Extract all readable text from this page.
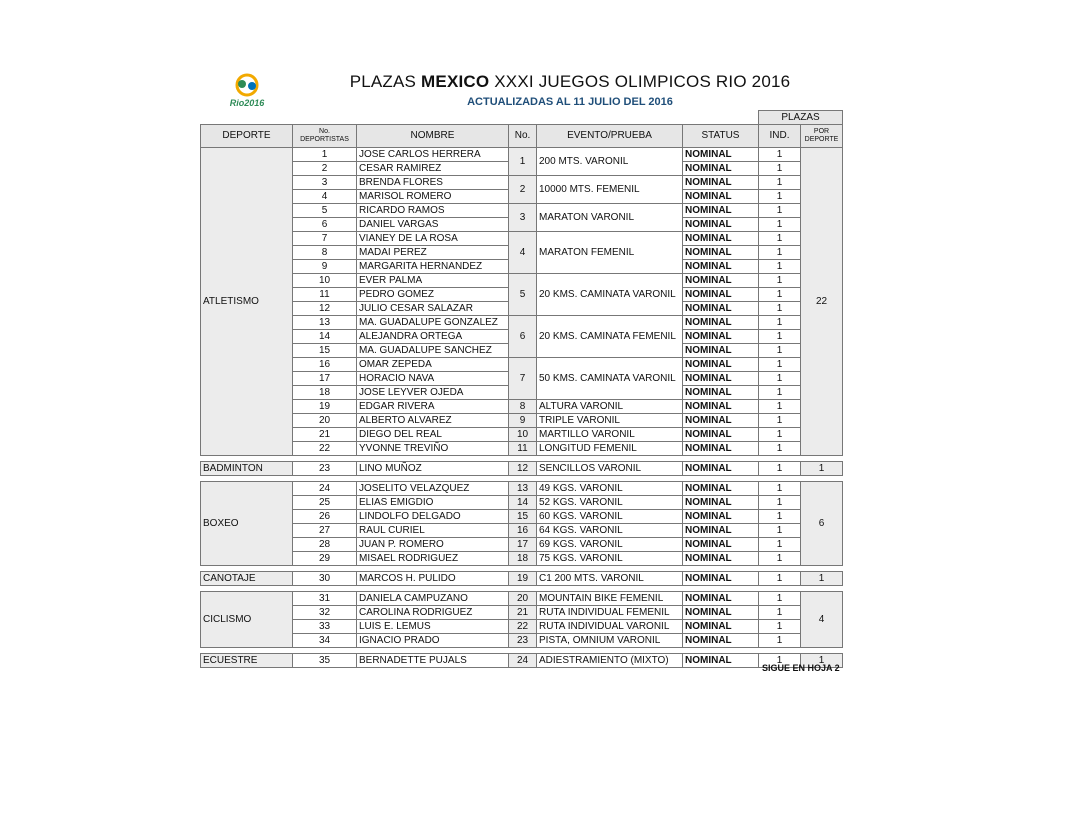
Rio2016
PLAZAS MEXICO XXXI JUEGOS OLIMPICOS RIO 2016
ACTUALIZADAS AL 11 JULIO DEL 2016
						PLAZAS	
DEPORTE	No. DEPORTISTAS	NOMBRE	No.	EVENTO/PRUEBA	STATUS	IND.	POR DEPORTE
ATLETISMO	1	JOSE CARLOS HERRERA	1	200 MTS. VARONIL	NOMINAL	1	22
	2	CESAR RAMIREZ			NOMINAL	1	
	3	BRENDA FLORES	2	10000 MTS. FEMENIL	NOMINAL	1	
	4	MARISOL ROMERO			NOMINAL	1	
	5	RICARDO RAMOS	3	MARATON VARONIL	NOMINAL	1	
	6	DANIEL VARGAS			NOMINAL	1	
	7	VIANEY DE LA ROSA	4	MARATON FEMENIL	NOMINAL	1	
	8	MADAI PEREZ			NOMINAL	1	
	9	MARGARITA HERNANDEZ			NOMINAL	1	
	10	EVER PALMA	5	20 KMS. CAMINATA VARONIL	NOMINAL	1	
	11	PEDRO GOMEZ			NOMINAL	1	
	12	JULIO CESAR SALAZAR			NOMINAL	1	
	13	MA. GUADALUPE GONZALEZ	6	20 KMS. CAMINATA FEMENIL	NOMINAL	1	
	14	ALEJANDRA ORTEGA			NOMINAL	1	
	15	MA. GUADALUPE SANCHEZ			NOMINAL	1	
	16	OMAR ZEPEDA	7	50 KMS. CAMINATA VARONIL	NOMINAL	1	
	17	HORACIO NAVA			NOMINAL	1	
	18	JOSE LEYVER OJEDA			NOMINAL	1	
	19	EDGAR RIVERA	8	ALTURA VARONIL	NOMINAL	1	
	20	ALBERTO ALVAREZ	9	TRIPLE VARONIL	NOMINAL	1	
	21	DIEGO DEL REAL	10	MARTILLO VARONIL	NOMINAL	1	
	22	YVONNE TREVIÑO	11	LONGITUD FEMENIL	NOMINAL	1	

BADMINTON	23	LINO MUÑOZ	12	SENCILLOS VARONIL	NOMINAL	1	1

BOXEO	24	JOSELITO VELAZQUEZ	13	49 KGS. VARONIL	NOMINAL	1	6
	25	ELIAS EMIGDIO	14	52 KGS. VARONIL	NOMINAL	1	
	26	LINDOLFO DELGADO	15	60 KGS. VARONIL	NOMINAL	1	
	27	RAUL CURIEL	16	64 KGS. VARONIL	NOMINAL	1	
	28	JUAN P. ROMERO	17	69 KGS. VARONIL	NOMINAL	1	
	29	MISAEL RODRIGUEZ	18	75 KGS. VARONIL	NOMINAL	1	

CANOTAJE	30	MARCOS H. PULIDO	19	C1 200 MTS. VARONIL	NOMINAL	1	1

CICLISMO	31	DANIELA CAMPUZANO	20	MOUNTAIN BIKE FEMENIL	NOMINAL	1	4
	32	CAROLINA RODRIGUEZ	21	RUTA INDIVIDUAL FEMENIL	NOMINAL	1	
	33	LUIS E. LEMUS	22	RUTA INDIVIDUAL VARONIL	NOMINAL	1	
	34	IGNACIO PRADO	23	PISTA, OMNIUM VARONIL	NOMINAL	1	

ECUESTRE	35	BERNADETTE PUJALS	24	ADIESTRAMIENTO (MIXTO)	NOMINAL	1	1
SIGUE EN HOJA 2
